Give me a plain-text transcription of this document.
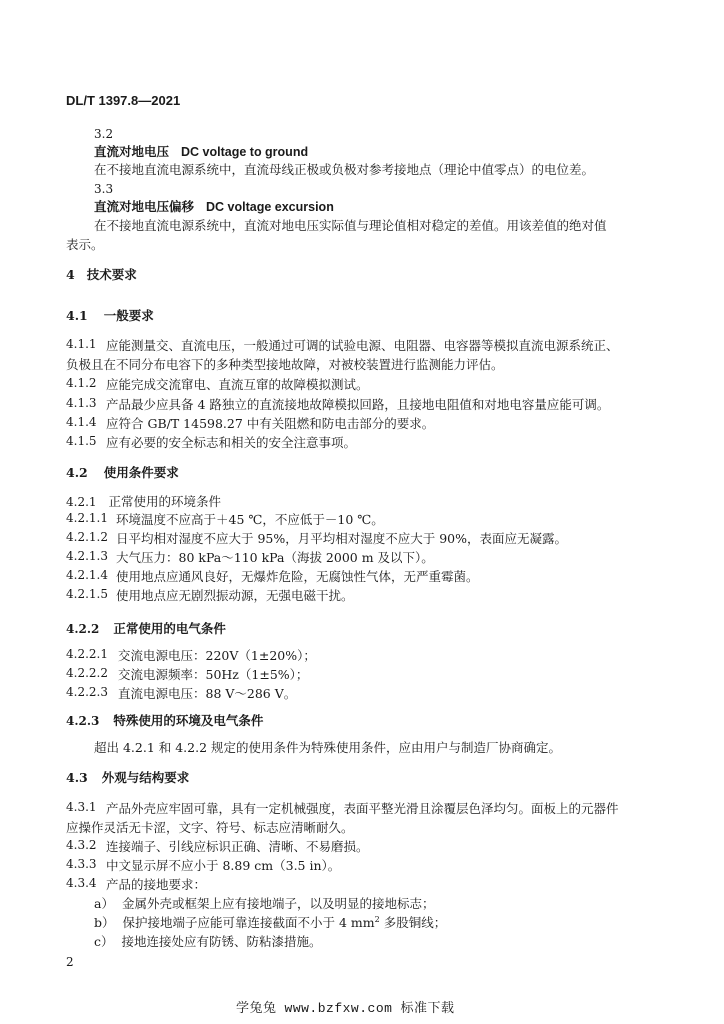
DL/T 1397.8—2021
3.2
直流对地电压 DC voltage to ground
在不接地直流电源系统中，直流母线正极或负极对参考接地点（理论中值零点）的电位差。
3.3
直流对地电压偏移 DC voltage excursion
在不接地直流电源系统中，直流对地电压实际值与理论值相对稳定的差值。用该差值的绝对值
表示。
4 技术要求
4.1 一般要求
4.1.1 应能测量交、直流电压，一般通过可调的试验电源、电阻器、电容器等模拟直流电源系统正、
负极且在不同分布电容下的多种类型接地故障，对被校装置进行监测能力评估。
4.1.2 应能完成交流窜电、直流互窜的故障模拟测试。
4.1.3 产品最少应具备 4 路独立的直流接地故障模拟回路，且接地电阻值和对地电容量应能可调。
4.1.4 应符合 GB/T 14598.27 中有关阻燃和防电击部分的要求。
4.1.5 应有必要的安全标志和相关的安全注意事项。
4.2 使用条件要求
4.2.1 正常使用的环境条件
4.2.1.1 环境温度不应高于＋45 ℃，不应低于－10 ℃。
4.2.1.2 日平均相对湿度不应大于 95%，月平均相对湿度不应大于 90%，表面应无凝露。
4.2.1.3 大气压力：80 kPa～110 kPa（海拔 2000 m 及以下）。
4.2.1.4 使用地点应通风良好，无爆炸危险，无腐蚀性气体，无严重霉菌。
4.2.1.5 使用地点应无剧烈振动源，无强电磁干扰。
4.2.2 正常使用的电气条件
4.2.2.1 交流电源电压：220V（1±20%）；
4.2.2.2 交流电源频率：50Hz（1±5%）；
4.2.2.3 直流电源电压：88 V～286 V。
4.2.3 特殊使用的环境及电气条件
超出 4.2.1 和 4.2.2 规定的使用条件为特殊使用条件，应由用户与制造厂协商确定。
4.3 外观与结构要求
4.3.1 产品外壳应牢固可靠，具有一定机械强度，表面平整光滑且涂覆层色泽均匀。面板上的元器件
应操作灵活无卡涩，文字、符号、标志应清晰耐久。
4.3.2 连接端子、引线应标识正确、清晰、不易磨损。
4.3.3 中文显示屏不应小于 8.89 cm（3.5 in）。
4.3.4 产品的接地要求：
a） 金属外壳或框架上应有接地端子，以及明显的接地标志；
b） 保护接地端子应能可靠连接截面不小于 4 $mm^2$ 多股铜线；
c） 接地连接处应有防锈、防粘漆措施。
2
学兔兔 www.bzfxw.com 标准下载
